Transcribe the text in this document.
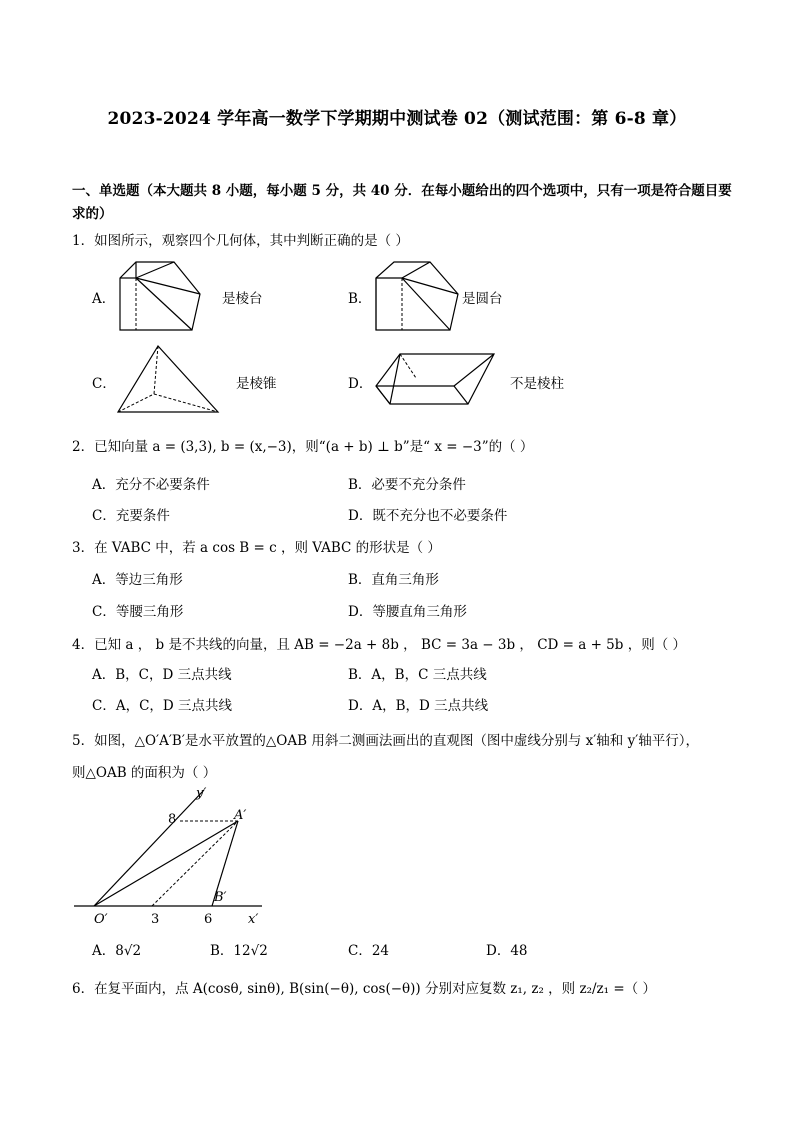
2023-2024 学年高一数学下学期期中测试卷 02（测试范围：第 6-8 章）
一、单选题（本大题共 8 小题，每小题 5 分，共 40 分．在每小题给出的四个选项中，只有一项是符合题目要求的）
1．如图所示，观察四个几何体，其中判断正确的是（ ）
A．	是棱台	B．	是圆台
C．	是棱锥	D．	不是棱柱
2．已知向量 a = (3,3), b = (x,−3)，则“(a + b) ⊥ b”是“ x = −3”的（ ）
A．充分不必要条件	B．必要不充分条件
C．充要条件	D．既不充分也不必要条件
3．在 VABC 中，若 a cos B = c ，则 VABC 的形状是（ ）
A．等边三角形	B．直角三角形
C．等腰三角形	D．等腰直角三角形
4．已知 a ， b 是不共线的向量，且 AB = −2a + 8b ， BC = 3a − 3b ， CD = a + 5b ，则（ ）
A．B，C，D 三点共线	B．A，B，C 三点共线
C．A，C，D 三点共线	D．A，B，D 三点共线
5．如图，△O′A′B′是水平放置的△OAB 用斜二测画法画出的直观图（图中虚线分别与 x′轴和 y′轴平行），
则△OAB 的面积为（ ）
y′
8	A′
B′
O′	3	6	x′
A．8√2	B．12√2	C．24	D．48
6．在复平面内，点 A(cosθ, sinθ), B(sin(−θ), cos(−θ)) 分别对应复数 z₁, z₂ ，则 z₂/z₁ =（ ）
